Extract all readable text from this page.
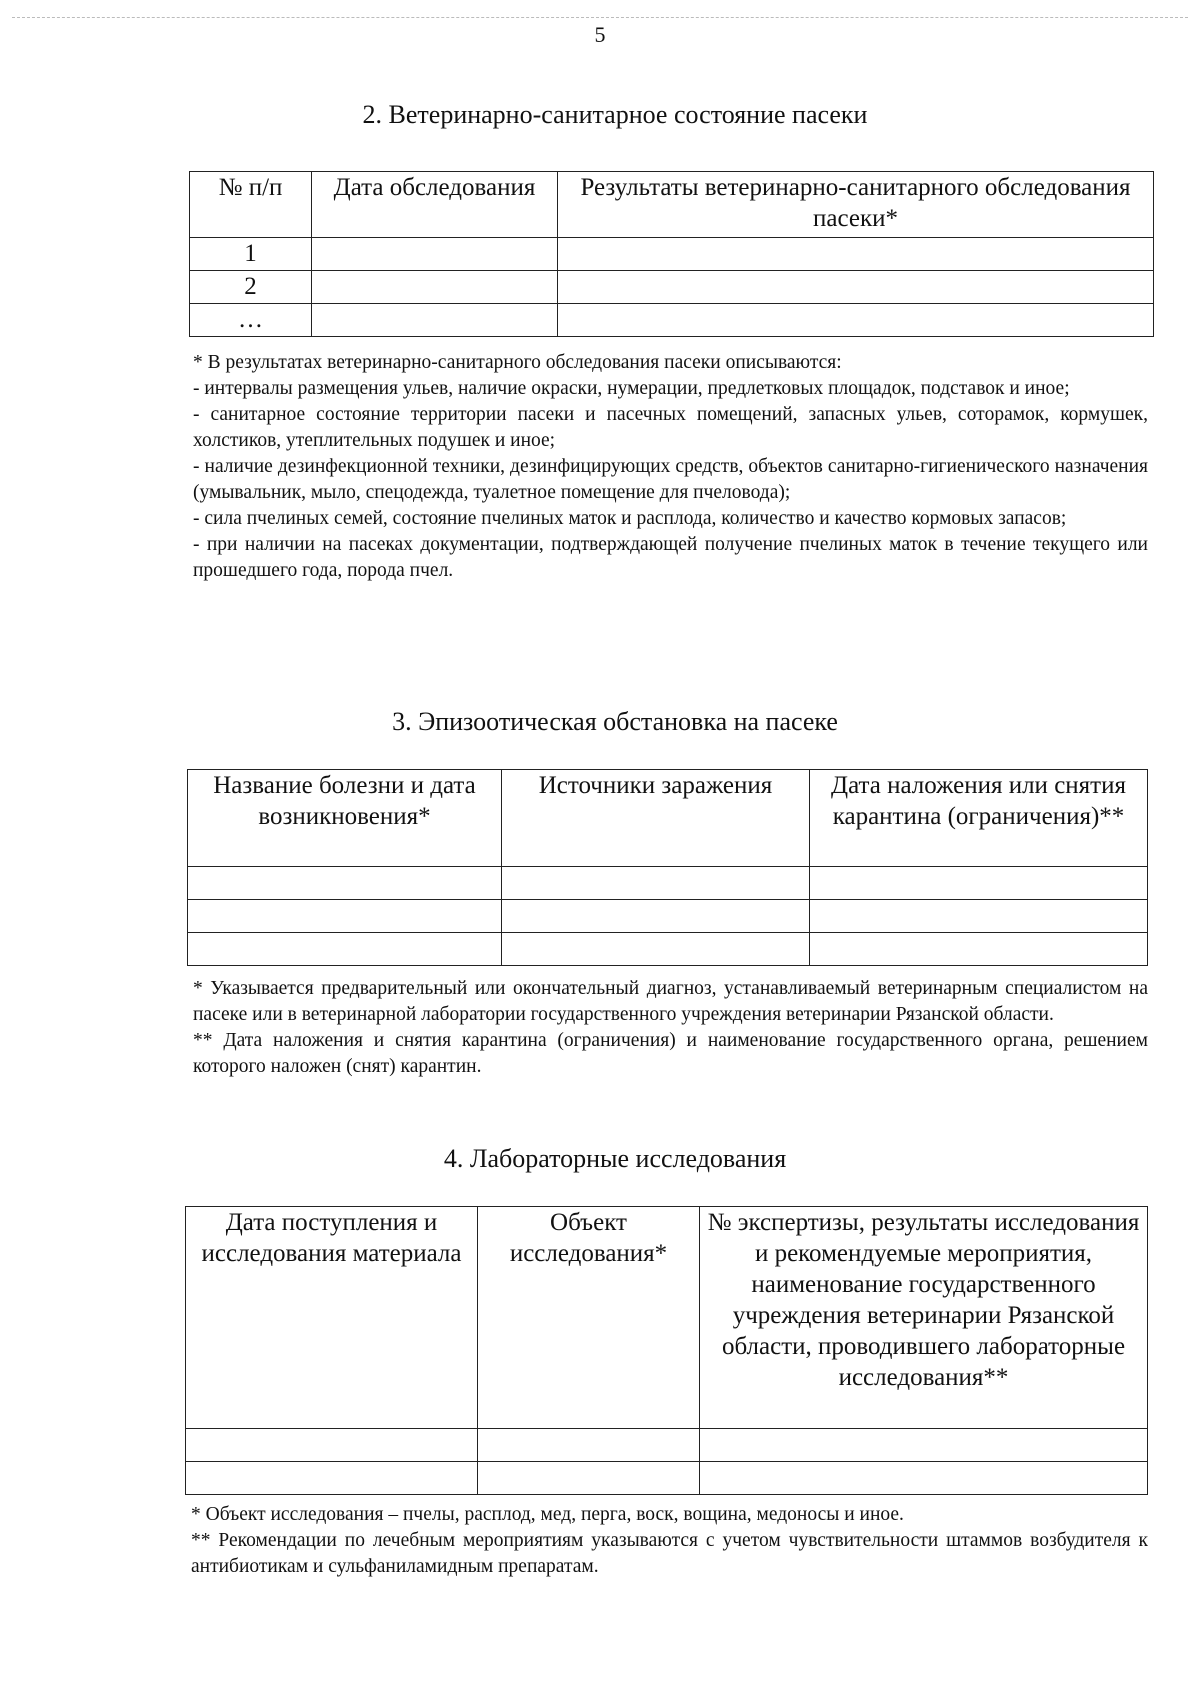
5
2. Ветеринарно-санитарное состояние пасеки
№ п/п	Дата обследования	Результаты ветеринарно-санитарного обследования пасеки*
1		
2		
…		

* В результатах ветеринарно-санитарного обследования пасеки описываются:

- интервалы размещения ульев, наличие окраски, нумерации, предлетковых площадок, подставок и иное;

- санитарное состояние территории пасеки и пасечных помещений, запасных ульев, сотoрамок, кормушек, холстиков, утеплительных подушек и иное;

- наличие дезинфекционной техники, дезинфицирующих средств, объектов санитарно-гигиенического назначения (умывальник, мыло, спецодежда, туалетное помещение для пчеловода);

- сила пчелиных семей, состояние пчелиных маток и расплода, количество и качество кормовых запасов;

- при наличии на пасеках документации, подтверждающей получение пчелиных маток в течение текущего или прошедшего года, порода пчел.

3. Эпизоотическая обстановка на пасеке
Название болезни и дата возникновения*	Источники заражения	Дата наложения или снятия карантина (ограничения)**

* Указывается предварительный или окончательный диагноз, устанавливаемый ветеринарным специалистом на пасеке или в ветеринарной лаборатории государственного учреждения ветеринарии Рязанской области.

** Дата наложения и снятия карантина (ограничения) и наименование государственного органа, решением которого наложен (снят) карантин.

4. Лабораторные исследования
Дата поступления и исследования материала	Объект исследования*	№ экспертизы, результаты исследования и рекомендуемые мероприятия, наименование государственного учреждения ветеринарии Рязанской области, проводившего лабораторные исследования**

* Объект исследования – пчелы, расплод, мед, перга, воск, вощина, медоносы и иное.

** Рекомендации по лечебным мероприятиям указываются с учетом чувствительности штаммов возбудителя к антибиотикам и сульфаниламидным препаратам.
